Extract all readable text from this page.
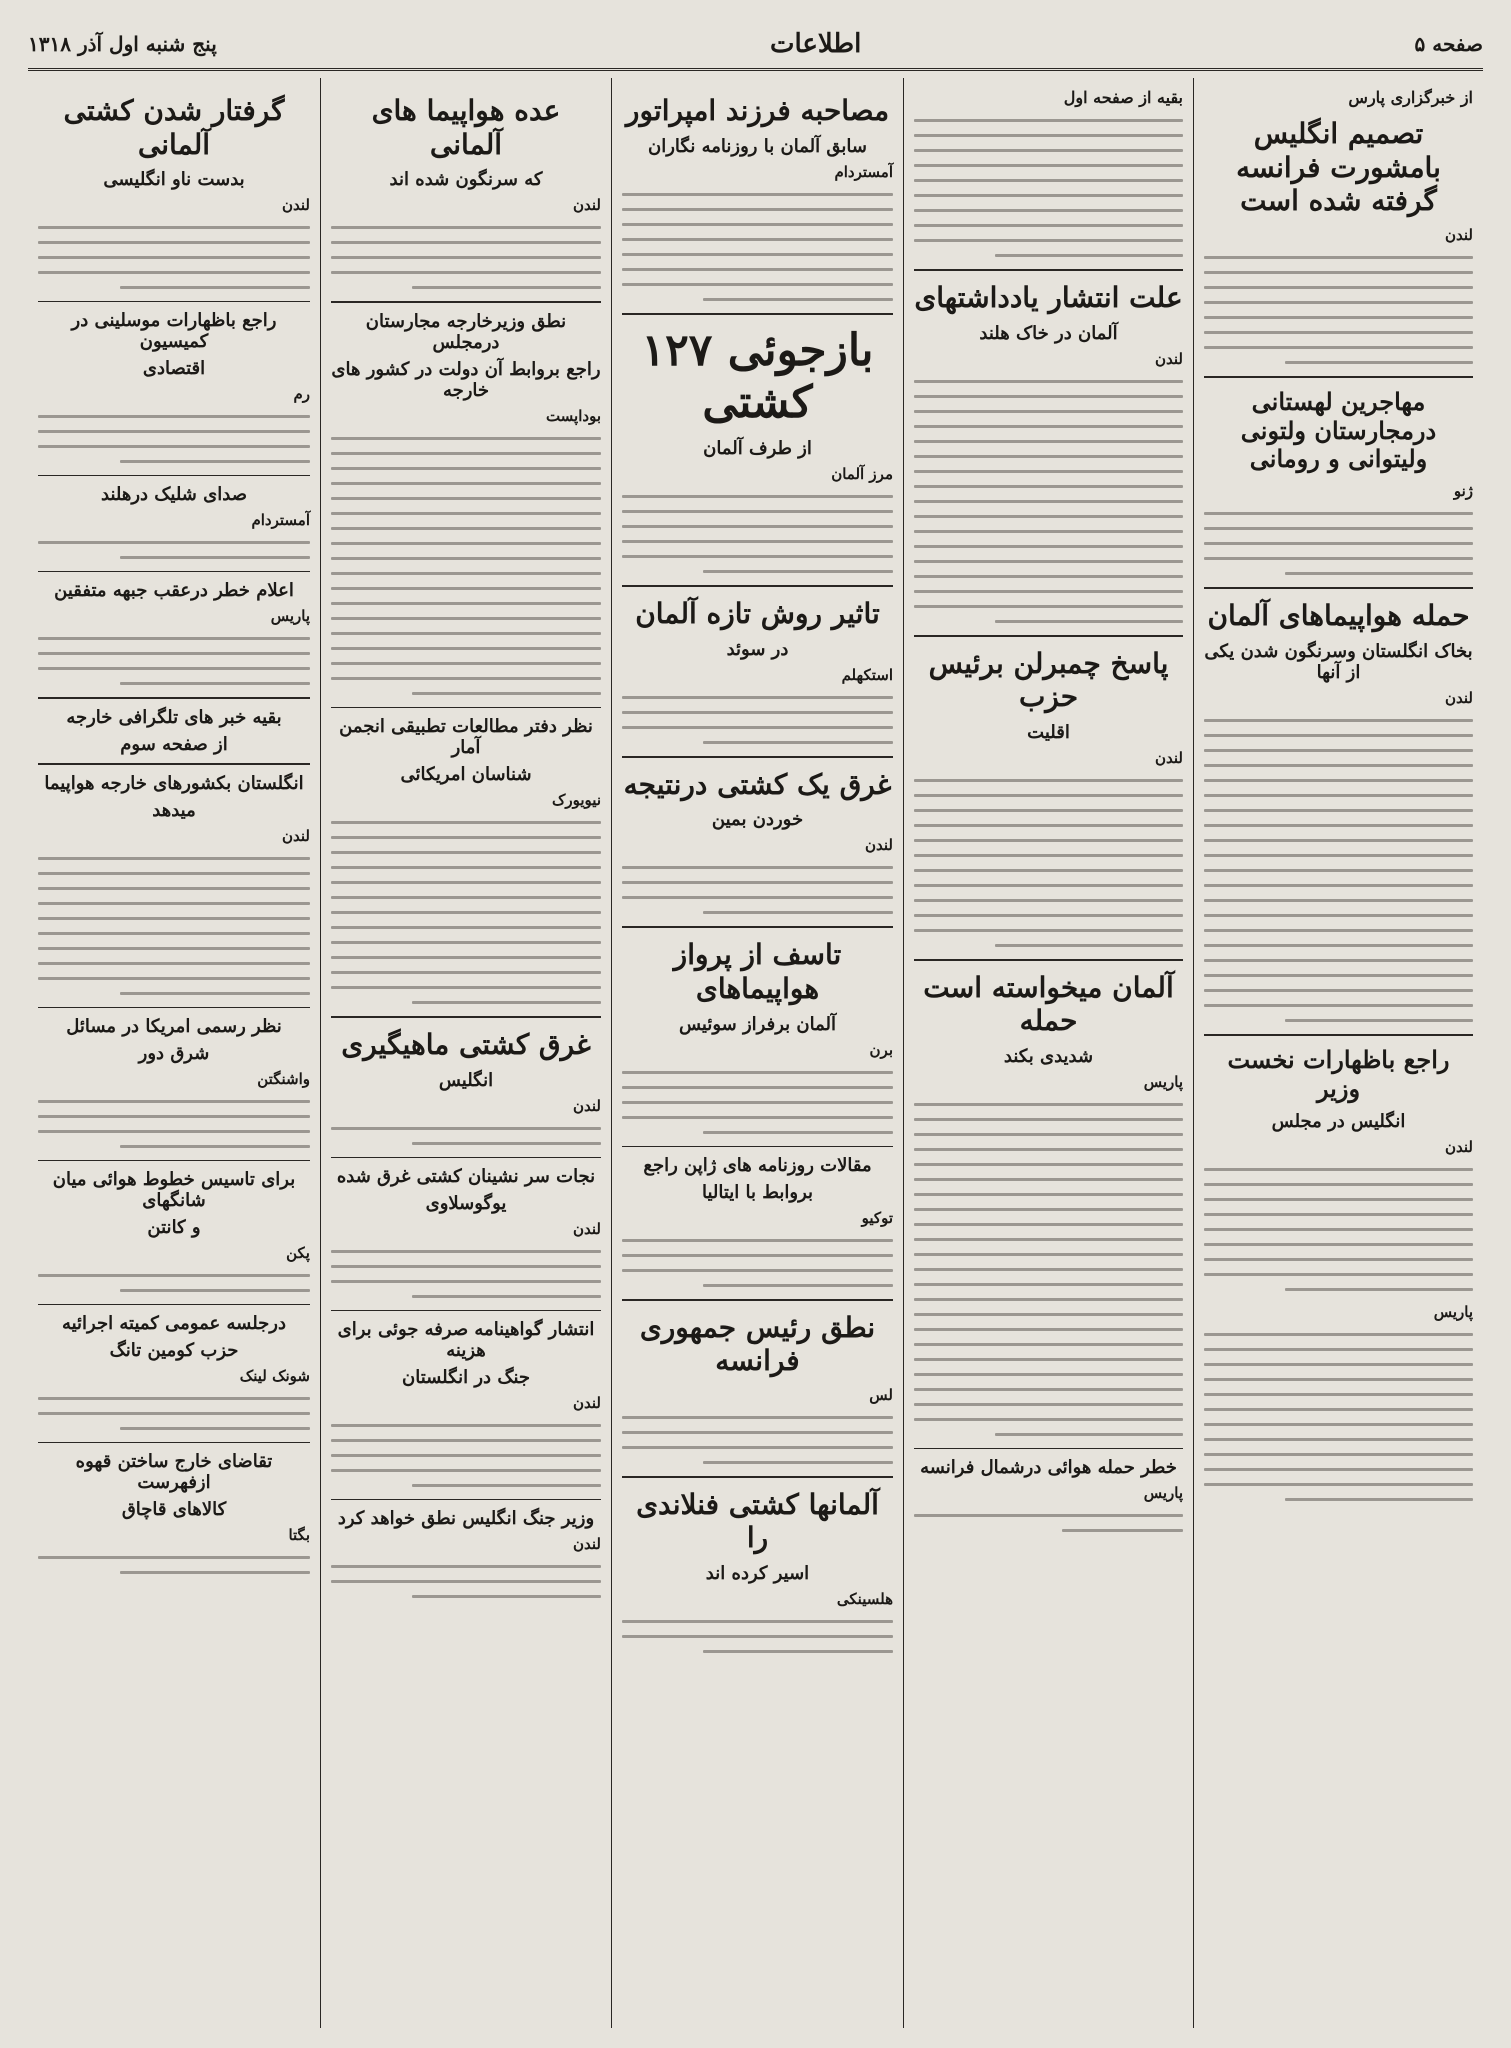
صفحه ۵
اطلاعات
پنج شنبه اول آذر ۱۳۱۸
از خبرگزاری پارس
تصمیم انگلیس بامشورت فرانسه گرفته شده است
لندن
مهاجرین لهستانی درمجارستان ولتونی ولیتوانی و رومانی
ژنو
حمله هواپیماهای آلمان
بخاک انگلستان وسرنگون شدن یکی از آنها
لندن
راجع باظهارات نخست وزیر
انگلیس در مجلس
لندن
پاریس
بقیه از صفحه اول
علت انتشار یادداشتهای
آلمان در خاک هلند
لندن
پاسخ چمبرلن برئیس حزب
اقلیت
لندن
آلمان میخواسته است حمله
شدیدی بکند
پاریس
خطر حمله هوائی درشمال فرانسه
پاریس
مصاحبه فرزند امپراتور
سابق آلمان با روزنامه نگاران
آمستردام
بازجوئی ۱۲۷ کشتی
از طرف آلمان
مرز آلمان
تاثیر روش تازه آلمان
در سوئد
استکهلم
غرق یک کشتی درنتیجه
خوردن بمین
لندن
تاسف از پرواز هواپیماهای
آلمان برفراز سوئیس
برن
مقالات روزنامه های ژاپن راجع
بروابط با ایتالیا
توکیو
نطق رئیس جمهوری فرانسه
لس
آلمانها کشتی فنلاندی را
اسیر کرده اند
هلسینکی
عده هواپیما های آلمانی
که سرنگون شده اند
لندن
نطق وزیرخارجه مجارستان درمجلس
راجع بروابط آن دولت در کشور های خارجه
بوداپست
نظر دفتر مطالعات تطبیقی انجمن آمار
شناسان امریکائی
نیویورک
غرق کشتی ماهیگیری
انگلیس
لندن
نجات سر نشینان کشتی غرق شده
یوگوسلاوی
لندن
انتشار گواهینامه صرفه جوئی برای هزینه
جنگ در انگلستان
لندن
وزیر جنگ انگلیس نطق خواهد کرد
لندن
گرفتار شدن کشتی آلمانی
بدست ناو انگلیسی
لندن
راجع باظهارات موسلینی در کمیسیون
اقتصادی
رم
صدای شلیک درهلند
آمستردام
اعلام خطر درعقب جبهه متفقین
پاریس
بقیه خبر های تلگرافی خارجه
از صفحه سوم
انگلستان بکشورهای خارجه هواپیما
میدهد
لندن
نظر رسمی امریکا در مسائل
شرق دور
واشنگتن
برای تاسیس خطوط هوائی میان شانگهای
و کانتن
پکن
درجلسه عمومی کمیته اجرائیه
حزب کومین تانگ
شونک لینک
تقاضای خارج ساختن قهوه ازفهرست
کالاهای قاچاق
بگتا
